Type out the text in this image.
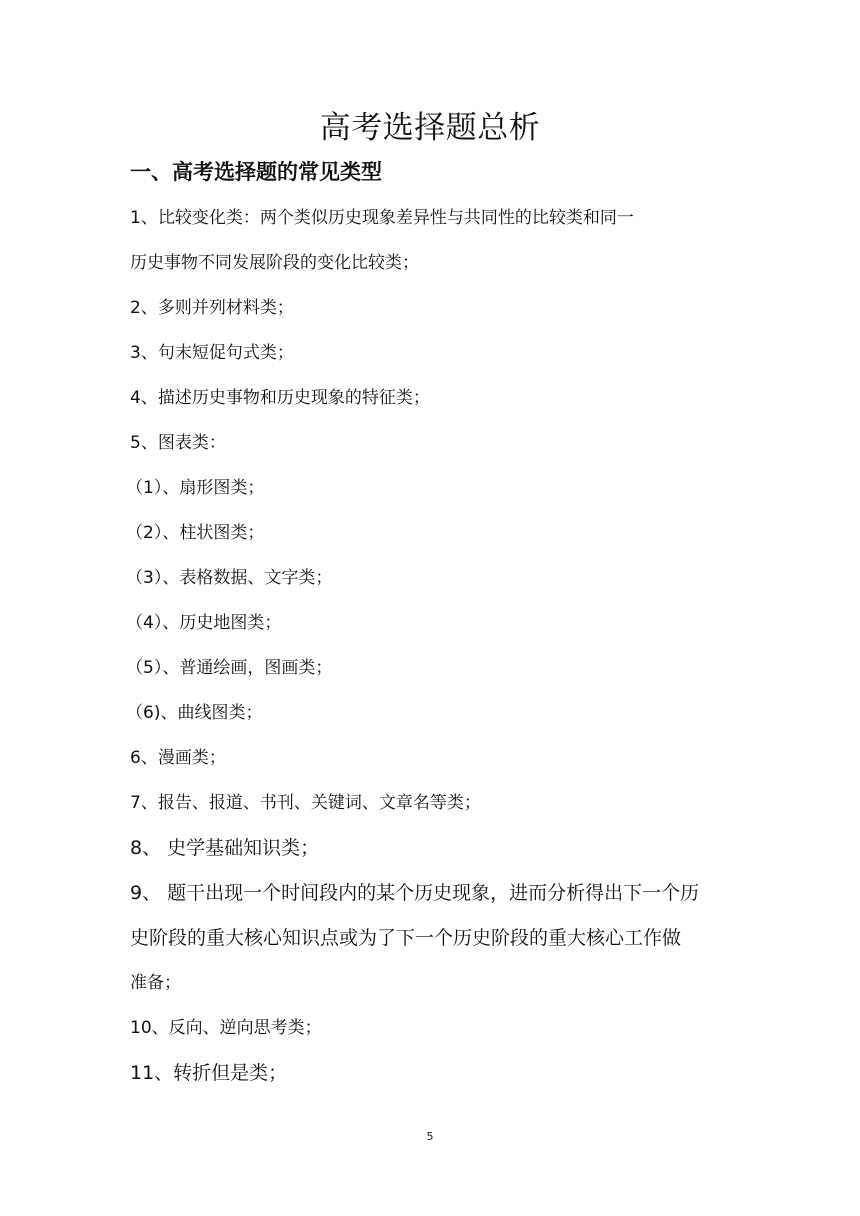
高考选择题总析
一、高考选择题的常见类型
1、比较变化类：两个类似历史现象差异性与共同性的比较类和同一
历史事物不同发展阶段的变化比较类；
2、多则并列材料类；
3、句末短促句式类；
4、描述历史事物和历史现象的特征类；
5、图表类：
（1）、扇形图类；
（2）、柱状图类；
（3）、表格数据、文字类；
（4）、历史地图类；
（5）、普通绘画，图画类；
（6)、曲线图类；
6、漫画类；
7、报告、报道、书刊、关键词、文章名等类；
8、 史学基础知识类；
9、 题干出现一个时间段内的某个历史现象，进而分析得出下一个历
史阶段的重大核心知识点或为了下一个历史阶段的重大核心工作做
准备；
10、反向、逆向思考类；
11、转折但是类；
5
